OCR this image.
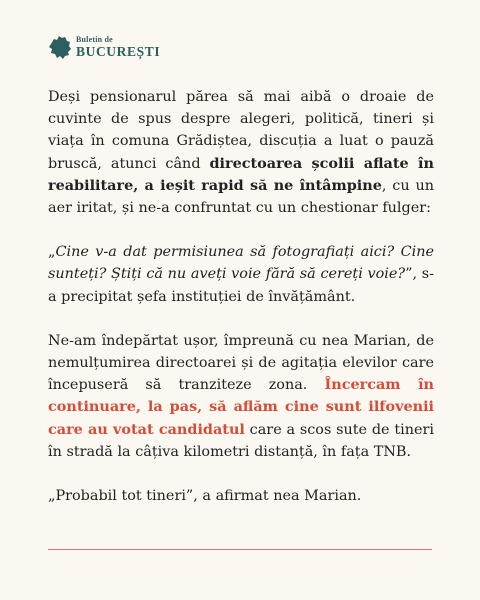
Buletin de
BUCUREȘTI

Deși pensionarul părea să mai aibă o droaie de cuvinte de spus despre alegeri, politică, tineri și viața în comuna Grădiștea, discuția a luat o pauză bruscă, atunci când directoarea școlii aflate în reabilitare, a ieșit rapid să ne întâmpine, cu un aer iritat, și ne-a confruntat cu un chestionar fulger:

„Cine v-a dat permisiunea să fotografiați aici? Cine sunteți? Știți că nu aveți voie fără să cereți voie?”, s-a precipitat șefa instituției de învățământ.

Ne-am îndepărtat ușor, împreună cu nea Marian, de nemulțumirea directoarei și de agitația elevilor care începuseră să tranziteze zona. Încercam în continuare, la pas, să aflăm cine sunt ilfovenii care au votat candidatul care a scos sute de tineri în stradă la câțiva kilometri distanță, în fața TNB.

„Probabil tot tineri”, a afirmat nea Marian.
